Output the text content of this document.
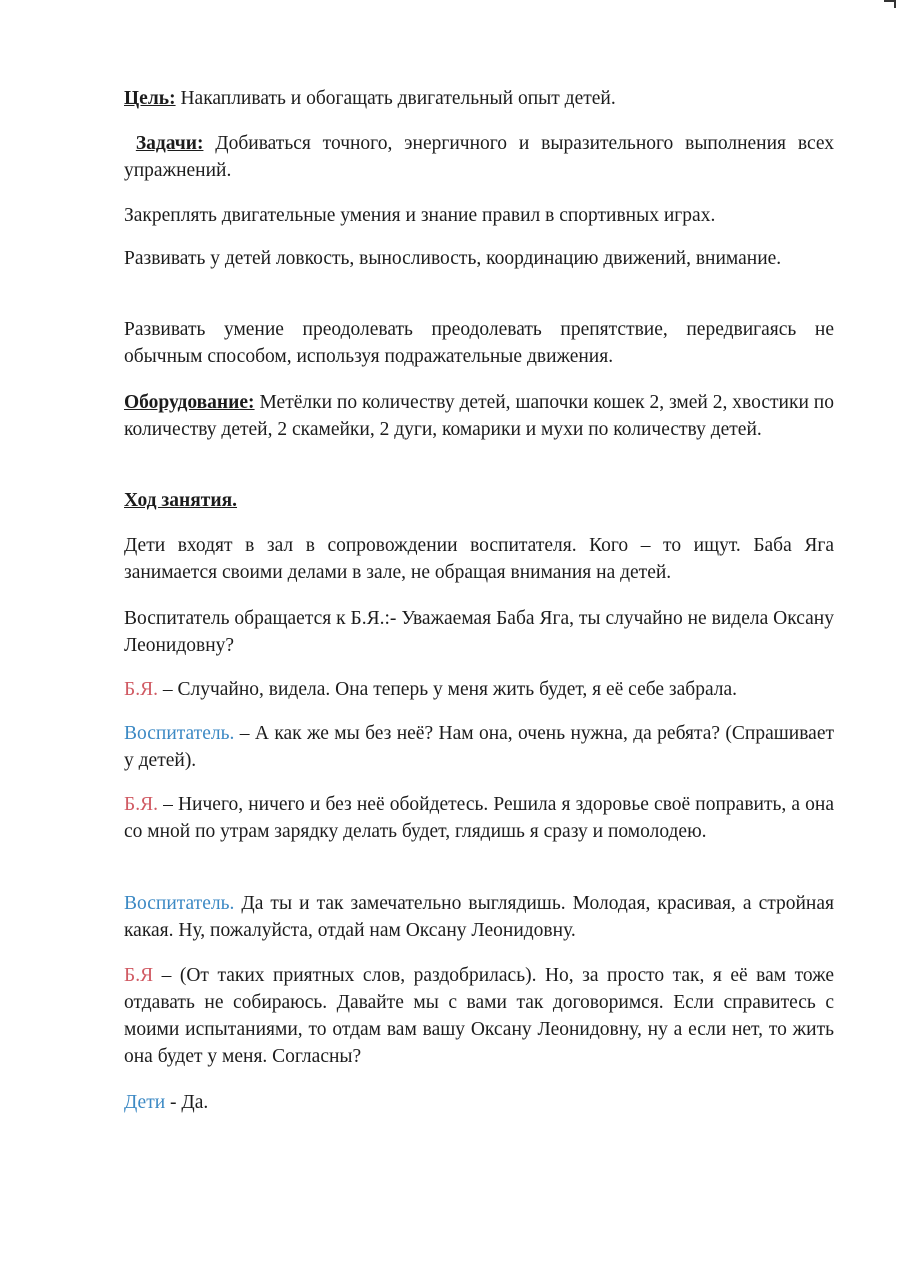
Цель: Накапливать и обогащать двигательный опыт детей.

Задачи: Добиваться точного, энергичного и выразительного выполнения всех упражнений.

Закреплять двигательные умения и знание правил в спортивных играх.

Развивать у детей ловкость, выносливость, координацию движений, внимание.

Развивать умение преодолевать преодолевать препятствие, передвигаясь не обычным способом, используя подражательные движения.

Оборудование: Метёлки по количеству детей, шапочки кошек 2, змей 2, хвостики по количеству детей, 2 скамейки, 2 дуги, комарики и мухи по количеству детей.

Ход занятия.

Дети входят в зал в сопровождении воспитателя. Кого – то ищут. Баба Яга занимается своими делами в зале, не обращая внимания на детей.

Воспитатель обращается к Б.Я.:- Уважаемая Баба Яга, ты случайно не видела Оксану Леонидовну?

Б.Я. – Случайно, видела. Она теперь у меня жить будет, я её себе забрала.

Воспитатель. – А как же мы без неё? Нам она, очень нужна, да ребята? (Спрашивает у детей).

Б.Я. – Ничего, ничего и без неё обойдетесь. Решила я здоровье своё поправить, а она со мной по утрам зарядку делать будет, глядишь я сразу и помолодею.

Воспитатель. Да ты и так замечательно выглядишь. Молодая, красивая, а стройная какая. Ну, пожалуйста, отдай нам Оксану Леонидовну.

Б.Я – (От таких приятных слов, раздобрилась). Но, за просто так, я её вам тоже отдавать не собираюсь. Давайте мы с вами так договоримся. Если справитесь с моими испытаниями, то отдам вам вашу Оксану Леонидовну, ну а если нет, то жить она будет у меня. Согласны?

Дети - Да.
